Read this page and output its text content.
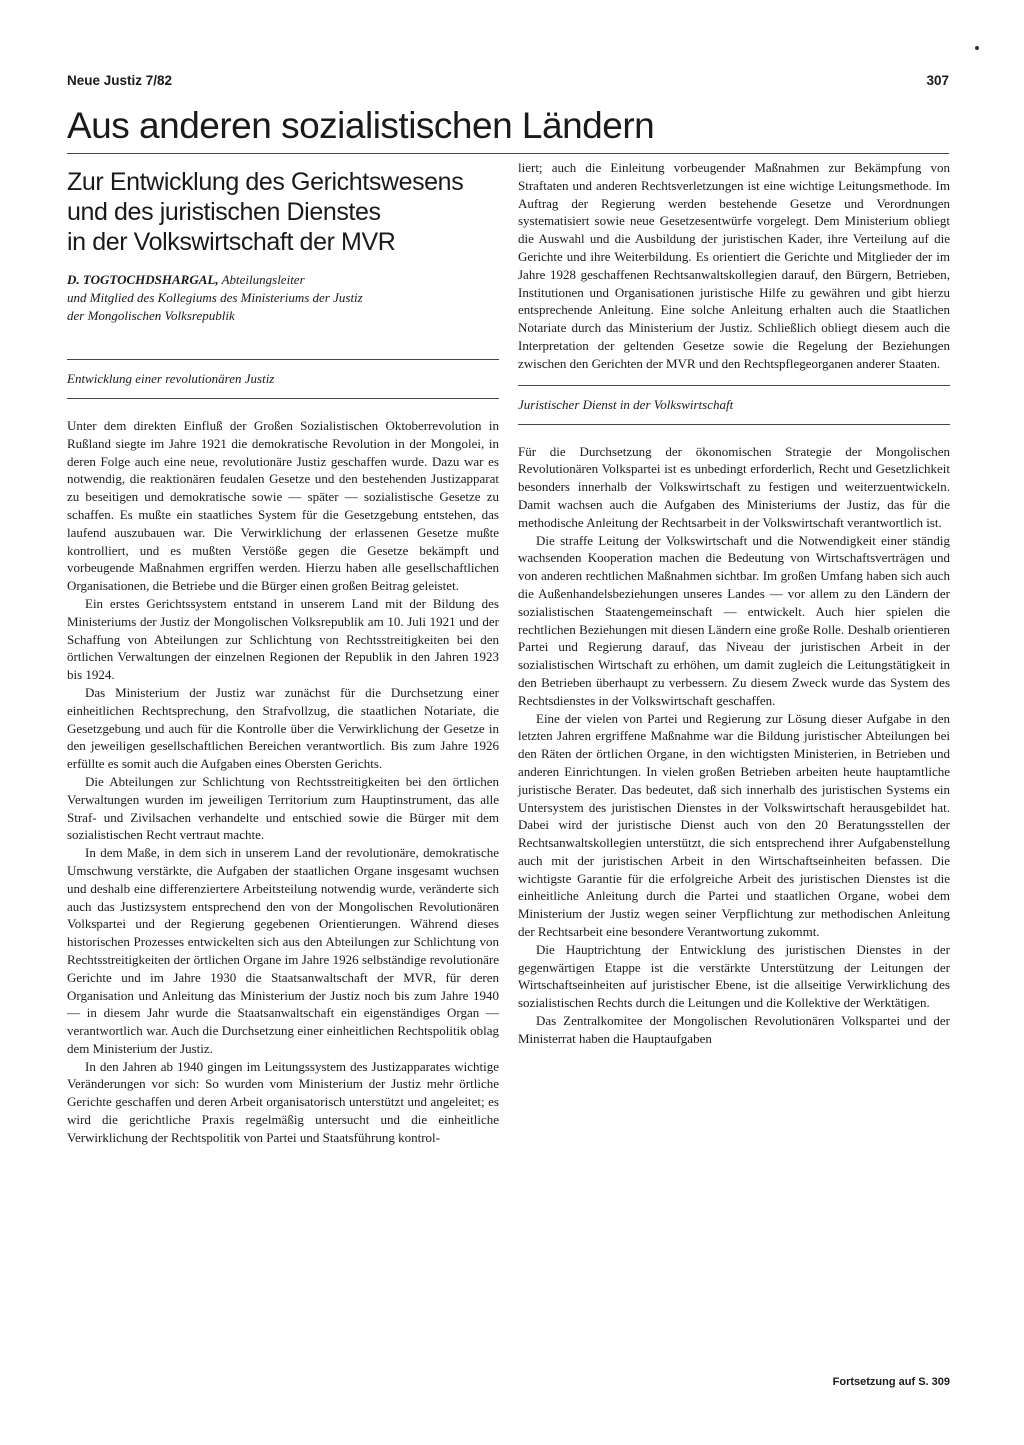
Neue Justiz 7/82	307
Aus anderen sozialistischen Ländern
Zur Entwicklung des Gerichtswesens
und des juristischen Dienstes
in der Volkswirtschaft der MVR

D. TOGTOCHDSHARGAL, Abteilungsleiter
und Mitglied des Kollegiums des Ministeriums der Justiz
der Mongolischen Volksrepublik

Entwicklung einer revolutionären Justiz

Unter dem direkten Einfluß der Großen Sozialistischen Oktoberrevolution in Rußland siegte im Jahre 1921 die demokratische Revolution in der Mongolei, in deren Folge auch eine neue, revolutionäre Justiz geschaffen wurde. Dazu war es notwendig, die reaktionären feudalen Gesetze und den bestehenden Justizapparat zu beseitigen und demokratische sowie — später — sozialistische Gesetze zu schaffen. Es mußte ein staatliches System für die Gesetzgebung entstehen, das laufend auszubauen war. Die Verwirklichung der erlassenen Gesetze mußte kontrolliert, und es mußten Verstöße gegen die Gesetze bekämpft und vorbeugende Maßnahmen ergriffen werden. Hierzu haben alle gesellschaftlichen Organisationen, die Betriebe und die Bürger einen großen Beitrag geleistet.

Ein erstes Gerichtssystem entstand in unserem Land mit der Bildung des Ministeriums der Justiz der Mongolischen Volksrepublik am 10. Juli 1921 und der Schaffung von Abteilungen zur Schlichtung von Rechtsstreitigkeiten bei den örtlichen Verwaltungen der einzelnen Regionen der Republik in den Jahren 1923 bis 1924.

Das Ministerium der Justiz war zunächst für die Durchsetzung einer einheitlichen Rechtsprechung, den Strafvollzug, die staatlichen Notariate, die Gesetzgebung und auch für die Kontrolle über die Verwirklichung der Gesetze in den jeweiligen gesellschaftlichen Bereichen verantwortlich. Bis zum Jahre 1926 erfüllte es somit auch die Aufgaben eines Obersten Gerichts.

Die Abteilungen zur Schlichtung von Rechtsstreitigkeiten bei den örtlichen Verwaltungen wurden im jeweiligen Territorium zum Hauptinstrument, das alle Straf- und Zivilsachen verhandelte und entschied sowie die Bürger mit dem sozialistischen Recht vertraut machte.

In dem Maße, in dem sich in unserem Land der revolutionäre, demokratische Umschwung verstärkte, die Aufgaben der staatlichen Organe insgesamt wuchsen und deshalb eine differenziertere Arbeitsteilung notwendig wurde, veränderte sich auch das Justizsystem entsprechend den von der Mongolischen Revolutionären Volkspartei und der Regierung gegebenen Orientierungen. Während dieses historischen Prozesses entwickelten sich aus den Abteilungen zur Schlichtung von Rechtsstreitigkeiten der örtlichen Organe im Jahre 1926 selbständige revolutionäre Gerichte und im Jahre 1930 die Staatsanwaltschaft der MVR, für deren Organisation und Anleitung das Ministerium der Justiz noch bis zum Jahre 1940 — in diesem Jahr wurde die Staatsanwaltschaft ein eigenständiges Organ — verantwortlich war. Auch die Durchsetzung einer einheitlichen Rechtspolitik oblag dem Ministerium der Justiz.

In den Jahren ab 1940 gingen im Leitungssystem des Justizapparates wichtige Veränderungen vor sich: So wurden vom Ministerium der Justiz mehr örtliche Gerichte geschaffen und deren Arbeit organisatorisch unterstützt und angeleitet; es wird die gerichtliche Praxis regelmäßig untersucht und die einheitliche Verwirklichung der Rechtspolitik von Partei und Staatsführung kontrol-

liert; auch die Einleitung vorbeugender Maßnahmen zur Bekämpfung von Straftaten und anderen Rechtsverletzungen ist eine wichtige Leitungsmethode. Im Auftrag der Regierung werden bestehende Gesetze und Verordnungen systematisiert sowie neue Gesetzesentwürfe vorgelegt. Dem Ministerium obliegt die Auswahl und die Ausbildung der juristischen Kader, ihre Verteilung auf die Gerichte und ihre Weiterbildung. Es orientiert die Gerichte und Mitglieder der im Jahre 1928 geschaffenen Rechtsanwaltskollegien darauf, den Bürgern, Betrieben, Institutionen und Organisationen juristische Hilfe zu gewähren und gibt hierzu entsprechende Anleitung. Eine solche Anleitung erhalten auch die Staatlichen Notariate durch das Ministerium der Justiz. Schließlich obliegt diesem auch die Interpretation der geltenden Gesetze sowie die Regelung der Beziehungen zwischen den Gerichten der MVR und den Rechtspflegeorganen anderer Staaten.

Juristischer Dienst in der Volkswirtschaft

Für die Durchsetzung der ökonomischen Strategie der Mongolischen Revolutionären Volkspartei ist es unbedingt erforderlich, Recht und Gesetzlichkeit besonders innerhalb der Volkswirtschaft zu festigen und weiterzuentwickeln. Damit wachsen auch die Aufgaben des Ministeriums der Justiz, das für die methodische Anleitung der Rechtsarbeit in der Volkswirtschaft verantwortlich ist.

Die straffe Leitung der Volkswirtschaft und die Notwendigkeit einer ständig wachsenden Kooperation machen die Bedeutung von Wirtschaftsverträgen und von anderen rechtlichen Maßnahmen sichtbar. Im großen Umfang haben sich auch die Außenhandelsbeziehungen unseres Landes — vor allem zu den Ländern der sozialistischen Staatengemeinschaft — entwickelt. Auch hier spielen die rechtlichen Beziehungen mit diesen Ländern eine große Rolle. Deshalb orientieren Partei und Regierung darauf, das Niveau der juristischen Arbeit in der sozialistischen Wirtschaft zu erhöhen, um damit zugleich die Leitungstätigkeit in den Betrieben überhaupt zu verbessern. Zu diesem Zweck wurde das System des Rechtsdienstes in der Volkswirtschaft geschaffen.

Eine der vielen von Partei und Regierung zur Lösung dieser Aufgabe in den letzten Jahren ergriffene Maßnahme war die Bildung juristischer Abteilungen bei den Räten der örtlichen Organe, in den wichtigsten Ministerien, in Betrieben und anderen Einrichtungen. In vielen großen Betrieben arbeiten heute hauptamtliche juristische Berater. Das bedeutet, daß sich innerhalb des juristischen Systems ein Untersystem des juristischen Dienstes in der Volkswirtschaft herausgebildet hat. Dabei wird der juristische Dienst auch von den 20 Beratungsstellen der Rechtsanwaltskollegien unterstützt, die sich entsprechend ihrer Aufgabenstellung auch mit der juristischen Arbeit in den Wirtschaftseinheiten befassen. Die wichtigste Garantie für die erfolgreiche Arbeit des juristischen Dienstes ist die einheitliche Anleitung durch die Partei und staatlichen Organe, wobei dem Ministerium der Justiz wegen seiner Verpflichtung zur methodischen Anleitung der Rechtsarbeit eine besondere Verantwortung zukommt.

Die Hauptrichtung der Entwicklung des juristischen Dienstes in der gegenwärtigen Etappe ist die verstärkte Unterstützung der Leitungen der Wirtschaftseinheiten auf juristischer Ebene, ist die allseitige Verwirklichung des sozialistischen Rechts durch die Leitungen und die Kollektive der Werktätigen.

Das Zentralkomitee der Mongolischen Revolutionären Volkspartei und der Ministerrat haben die Hauptaufgaben

Fortsetzung auf S. 309
